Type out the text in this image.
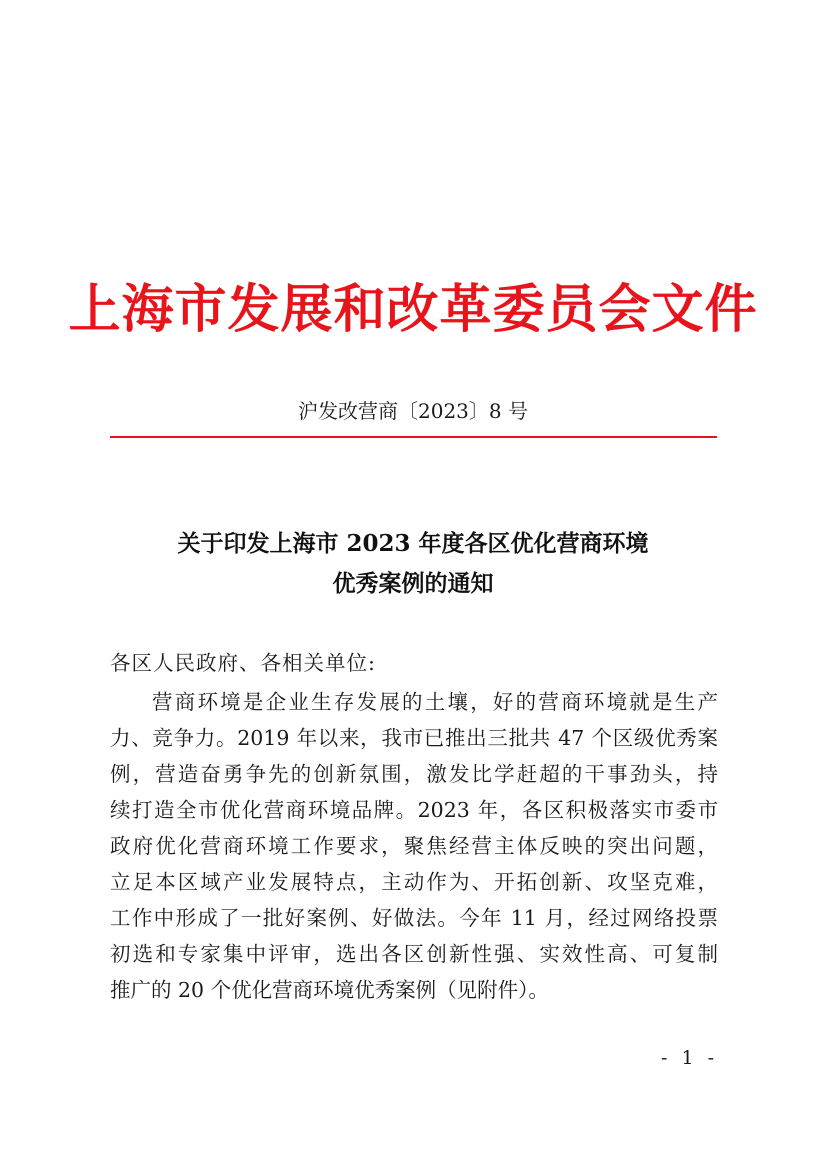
上海市发展和改革委员会文件
沪发改营商〔2023〕8 号
关于印发上海市 2023 年度各区优化营商环境
优秀案例的通知
各区人民政府、各相关单位:
营商环境是企业生存发展的土壤，好的营商环境就是生产
力、竞争力。2019 年以来，我市已推出三批共 47 个区级优秀案
例，营造奋勇争先的创新氛围，激发比学赶超的干事劲头，持
续打造全市优化营商环境品牌。2023 年，各区积极落实市委市
政府优化营商环境工作要求，聚焦经营主体反映的突出问题，
立足本区域产业发展特点，主动作为、开拓创新、攻坚克难，
工作中形成了一批好案例、好做法。今年 11 月，经过网络投票
初选和专家集中评审，选出各区创新性强、实效性高、可复制
推广的 20 个优化营商环境优秀案例（见附件）。
- 1 -
